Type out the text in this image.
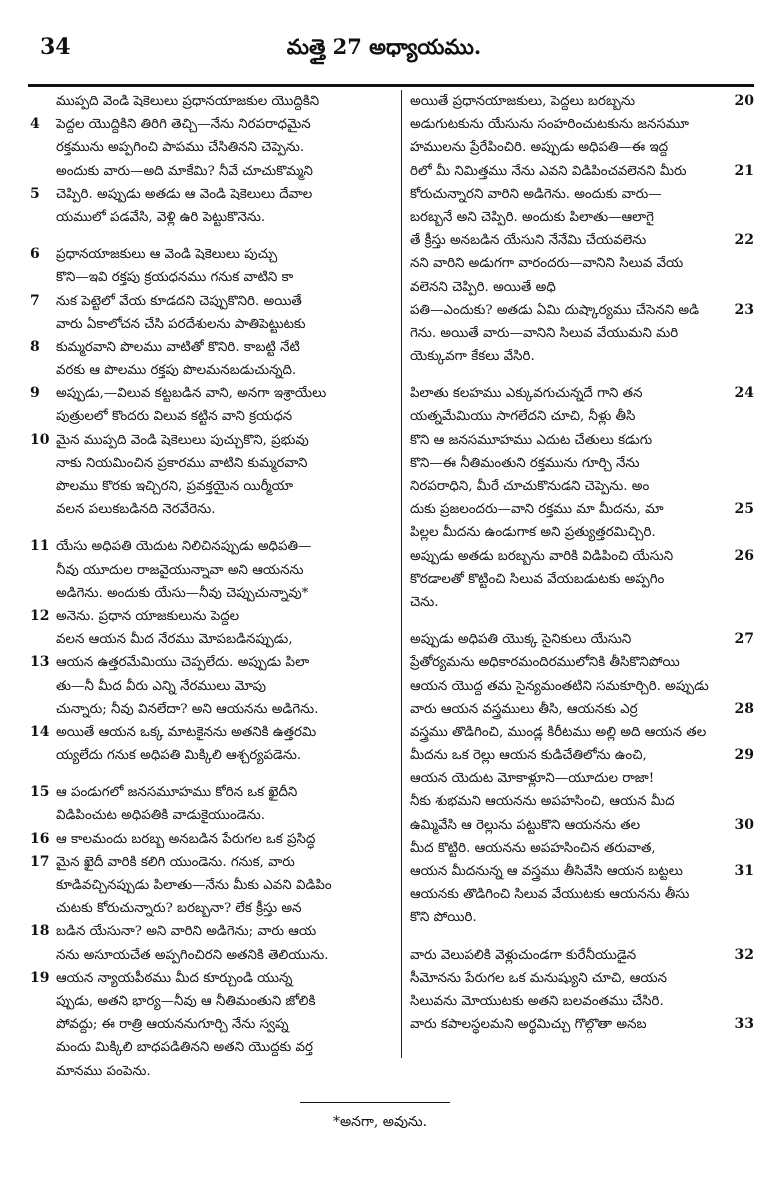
34	మత్తై 27 అధ్యాయము.
ముప్పది వెండి షెకెలులు ప్రధానయాజకుల యొద్దికిని
4 పెద్దల యొద్దికిని తిరిగి తెచ్చి—నేను నిరపరాధమైన
రక్తమును అప్పగించి పాపము చేసితినని చెప్పెను.
అందుకు వారు—అది మాకేమి? నీవే చూచుకొమ్మని
5 చెప్పిరి. అప్పుడు అతడు ఆ వెండి షెకెలులు దేవాల
యములో పడవేసి, వెళ్లి ఉరి పెట్టుకొనెను.
6 ప్రధానయాజకులు ఆ వెండి షెకెలులు పుచ్చు
కొని—ఇవి రక్తపు క్రయధనము గనుక వాటిని కా
7 నుక పెట్టెలో వేయ కూడదని చెప్పుకొనిరి. అయితే
వారు ఏకాలోచన చేసి పరదేశులను పాతిపెట్టుటకు
8 కుమ్మరవాని పొలము వాటితో కొనిరి. కాబట్టి నేటి
వరకు ఆ పొలము రక్తపు పొలమనబడుచున్నది.
9 అప్పుడు,—విలువ కట్టబడిన వాని, అనగా ఇశ్రాయేలు
పుత్రులలో కొందరు విలువ కట్టిన వాని క్రయధన
10 మైన ముప్పది వెండి షెకెలులు పుచ్చుకొని, ప్రభువు
నాకు నియమించిన ప్రకారము వాటిని కుమ్మరవాని
పొలము కొరకు ఇచ్చిరని, ప్రవక్తయైన యిర్మీయా
వలన పలుకబడినది నెరవేరెను.
11 యేసు అధిపతి యెదుట నిలిచినప్పుడు అధిపతి—
నీవు యూదుల రాజవైయున్నావా అని ఆయనను
అడిగెను. అందుకు యేసు—నీవు చెప్పుచున్నావు*
12 అనెను. ప్రధాన యాజకులును పెద్దల
వలన ఆయన మీద నేరము మోపబడినప్పుడు,
13 ఆయన ఉత్తరమేమియు చెప్పలేదు. అప్పుడు పిలా
తు—నీ మీద వీరు ఎన్ని నేరములు మోపు
చున్నారు; నీవు వినలేదా? అని ఆయనను అడిగెను.
14 అయితే ఆయన ఒక్క మాటకైనను అతనికి ఉత్తరమి
య్యలేదు గనుక అధిపతి మిక్కిలి ఆశ్చర్యపడెను.
15 ఆ పండుగలో జనసమూహము కోరిన ఒక ఖైదీని
విడిపించుట అధిపతికి వాడుకైయుండెను.
16 ఆ కాలమందు బరబ్బ అనబడిన పేరుగల ఒక ప్రసిద్ధ
17 మైన ఖైదీ వారికి కలిగి యుండెను. గనుక, వారు
కూడివచ్చినప్పుడు పిలాతు—నేను మీకు ఎవని విడిపిం
చుటకు కోరుచున్నారు? బరబ్బనా? లేక క్రీస్తు అన
18 బడిన యేసునా? అని వారిని అడిగెను; వారు ఆయ
నను అసూయచేత అప్పగించిరని అతనికి తెలియును.
19 ఆయన న్యాయపీఠము మీద కూర్చుండి యున్న
ప్పుడు, అతని భార్య—నీవు ఆ నీతిమంతుని జోలికి
పోవద్దు; ఈ రాత్రి ఆయననుగూర్చి నేను స్వప్న
మందు మిక్కిలి బాధపడితినని అతని యొద్దకు వర్త
మానము పంపెను.
20
అయితే ప్రధానయాజకులు, పెద్దలు బరబ్బను
అడుగుటకును యేసును సంహరించుటకును జనసమూ
హములను ప్రేరేపించిరి. అప్పుడు అధిపతి—ఈ ఇద్ద
21
రిలో మీ నిమిత్తము నేను ఎవని విడిపించవలెనని మీరు
కోరుచున్నారని వారిని అడిగెను. అందుకు వారు—
బరబ్బనే అని చెప్పిరి. అందుకు పిలాతు—ఆలాగై
22
తే క్రీస్తు అనబడిన యేసుని నేనేమి చేయవలెను
నని వారిని అడుగగా వారందరు—వానిని సిలువ వేయ
వలెనని చెప్పిరి. అయితే అధి
23
పతి—ఎందుకు? అతడు ఏమి దుష్కార్యము చేసెనని అడి
గెను. అయితే వారు—వానిని సిలువ వేయుమని మరి
యెక్కువగా కేకలు వేసిరి.
24
పిలాతు కలహము ఎక్కువగుచున్నదే గాని తన
యత్నమేమియు సాగలేదని చూచి, నీళ్లు తీసి
కొని ఆ జనసమూహము ఎదుట చేతులు కడుగు
కొని—ఈ నీతిమంతుని రక్తమును గూర్చి నేను
నిరపరాధిని, మీరే చూచుకొనుడని చెప్పెను. అం
25
దుకు ప్రజలందరు—వాని రక్తము మా మీదను, మా
పిల్లల మీదను ఉండుగాక అని ప్రత్యుత్తరమిచ్చిరి.
26
అప్పుడు అతడు బరబ్బను వారికి విడిపించి యేసుని
కొరడాలతో కొట్టించి సిలువ వేయబడుటకు అప్పగిం
చెను.
27
అప్పుడు అధిపతి యొక్క సైనికులు యేసుని
ప్రేతోర్యమను అధికారమందిరములోనికి తీసికొనిపోయి
ఆయన యొద్ద తమ సైన్యమంతటిని సమకూర్చిరి. అప్పుడు
28
వారు ఆయన వస్త్రములు తీసి, ఆయనకు ఎర్ర
వస్త్రము తొడిగించి, ముండ్ల కిరీటము అల్లి అది ఆయన తల
29
మీదను ఒక రెల్లు ఆయన కుడిచేతిలోను ఉంచి,
ఆయన యెదుట మోకాళ్లూని—యూదుల రాజా!
నీకు శుభమని ఆయనను అపహసించి, ఆయన మీద
30
ఉమ్మివేసి ఆ రెల్లును పట్టుకొని ఆయనను తల
మీద కొట్టిరి. ఆయనను అపహసించిన తరువాత,
31
ఆయన మీదనున్న ఆ వస్త్రము తీసివేసి ఆయన బట్టలు
ఆయనకు తొడిగించి సిలువ వేయుటకు ఆయనను తీసు
కొని పోయిరి.
32
వారు వెలుపలికి వెళ్లుచుండగా కురేనీయుడైన
సీమోనను పేరుగల ఒక మనుష్యుని చూచి, ఆయన
సిలువను మోయుటకు అతని బలవంతము చేసిరి.
33
వారు కపాలస్థలమని అర్థమిచ్చు గొల్గొతా అనబ
*అనగా, అవును.
